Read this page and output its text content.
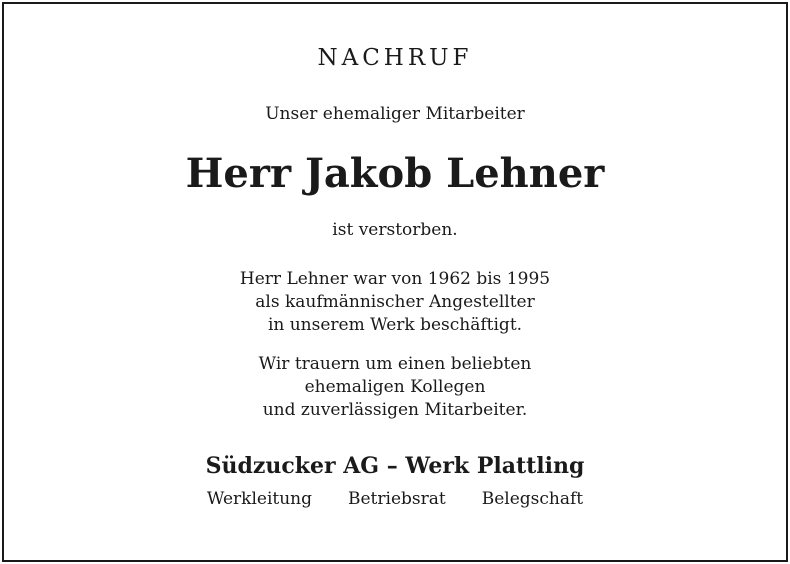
NACHRUF
Unser ehemaliger Mitarbeiter
Herr Jakob Lehner
ist verstorben.
Herr Lehner war von 1962 bis 1995
als kaufmännischer Angestellter
in unserem Werk beschäftigt.
Wir trauern um einen beliebten
ehemaligen Kollegen
und zuverlässigen Mitarbeiter.
Südzucker AG – Werk Plattling
Werkleitung Betriebsrat Belegschaft
